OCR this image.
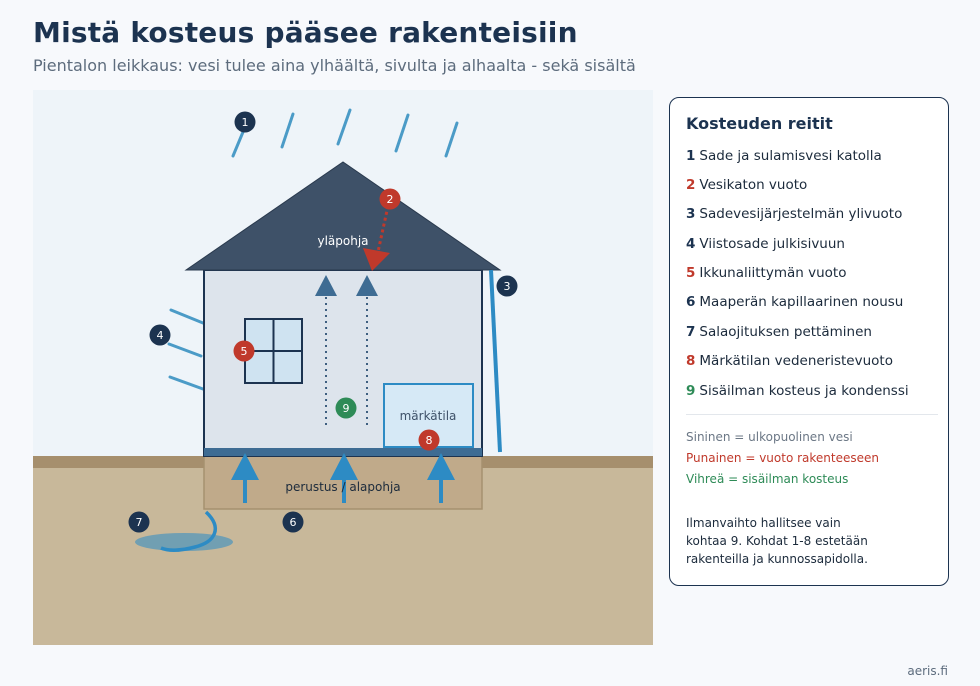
Mistä kosteus pääsee rakenteisiin
Pientalon leikkaus: vesi tulee aina ylhäältä, sivulta ja alhaalta - sekä sisältä
yläpohja
märkätila
perustus / alapohja
1
2
3
4
5
6
7
8
9
Kosteuden reitit
1 Sade ja sulamisvesi katolla
2 Vesikaton vuoto
3 Sadevesijärjestelmän ylivuoto
4 Viistosade julkisivuun
5 Ikkunaliittymän vuoto
6 Maaperän kapillaarinen nousu
7 Salaojituksen pettäminen
8 Märkätilan vedeneristevuoto
9 Sisäilman kosteus ja kondenssi
Sininen = ulkopuolinen vesi
Punainen = vuoto rakenteeseen
Vihreä = sisäilman kosteus
Ilmanvaihto hallitsee vain
kohtaa 9. Kohdat 1-8 estetään
rakenteilla ja kunnossapidolla.
aeris.fi
